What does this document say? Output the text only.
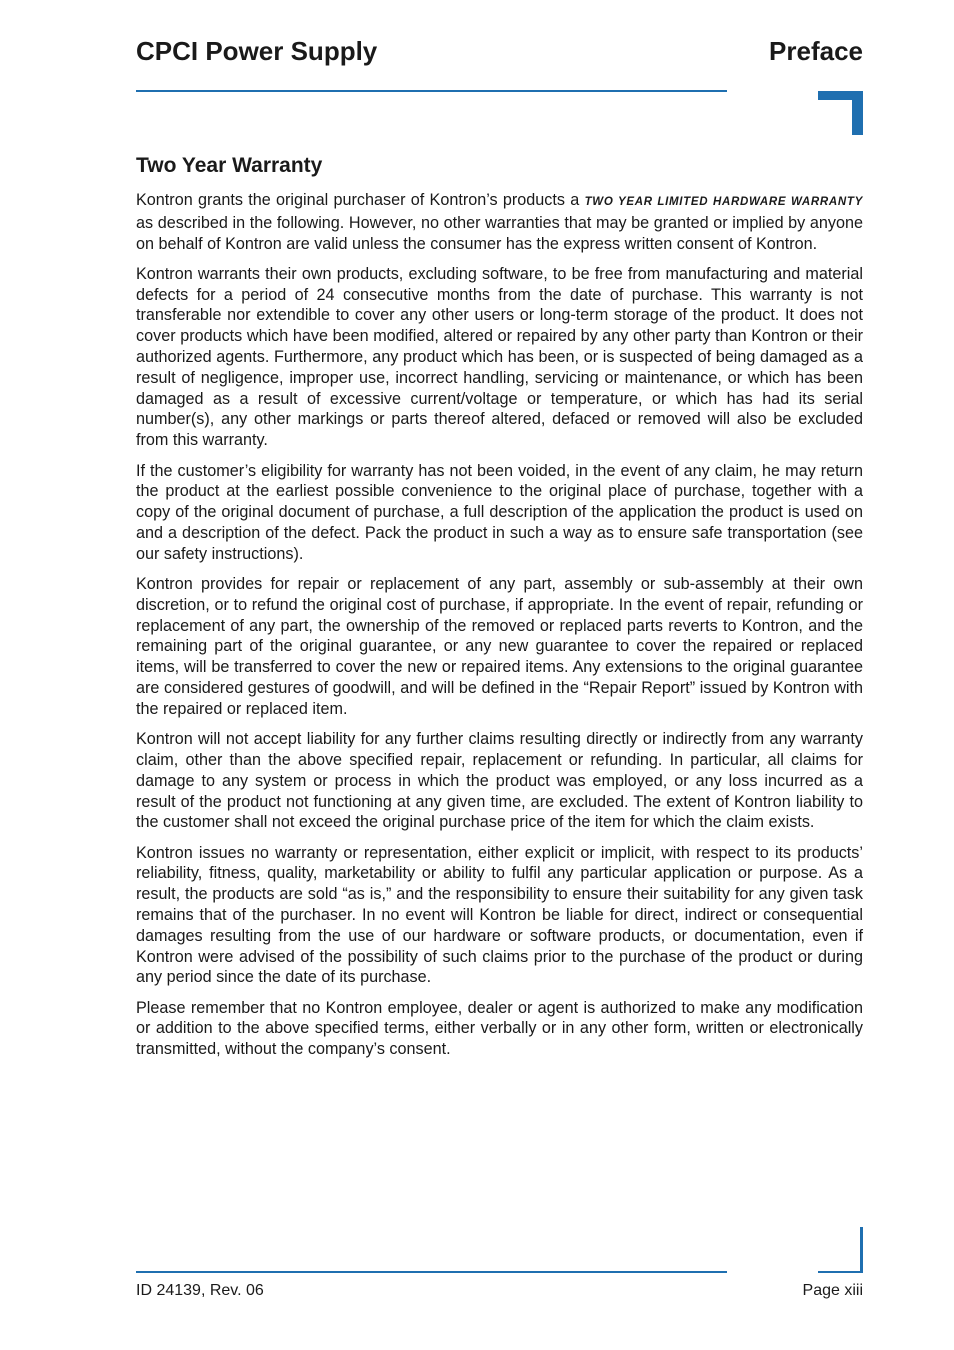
CPCI Power Supply	Preface
Two Year Warranty

Kontron grants the original purchaser of Kontron’s products a TWO YEAR LIMITED HARDWARE WARRANTY as described in the following. However, no other warranties that may be granted or implied by anyone on behalf of Kontron are valid unless the consumer has the express written consent of Kontron.

Kontron warrants their own products, excluding software, to be free from manufacturing and material defects for a period of 24 consecutive months from the date of purchase. This warranty is not transferable nor extendible to cover any other users or long-term storage of the product. It does not cover products which have been modified, altered or repaired by any other party than Kontron or their authorized agents. Furthermore, any product which has been, or is suspected of being damaged as a result of negligence, improper use, incorrect handling, servicing or maintenance, or which has been damaged as a result of excessive current/voltage or temperature, or which has had its serial number(s), any other markings or parts thereof altered, defaced or removed will also be excluded from this warranty.

If the customer’s eligibility for warranty has not been voided, in the event of any claim, he may return the product at the earliest possible convenience to the original place of purchase, together with a copy of the original document of purchase, a full description of the application the product is used on and a description of the defect. Pack the product in such a way as to ensure safe transportation (see our safety instructions).

Kontron provides for repair or replacement of any part, assembly or sub-assembly at their own discretion, or to refund the original cost of purchase, if appropriate. In the event of repair, refunding or replacement of any part, the ownership of the removed or replaced parts reverts to Kontron, and the remaining part of the original guarantee, or any new guarantee to cover the repaired or replaced items, will be transferred to cover the new or repaired items. Any extensions to the original guarantee are considered gestures of goodwill, and will be defined in the “Repair Report” issued by Kontron with the repaired or replaced item.

Kontron will not accept liability for any further claims resulting directly or indirectly from any warranty claim, other than the above specified repair, replacement or refunding. In particular, all claims for damage to any system or process in which the product was employed, or any loss incurred as a result of the product not functioning at any given time, are excluded. The extent of Kontron liability to the customer shall not exceed the original purchase price of the item for which the claim exists.

Kontron issues no warranty or representation, either explicit or implicit, with respect to its products’ reliability, fitness, quality, marketability or ability to fulfil any particular application or purpose. As a result, the products are sold “as is,” and the responsibility to ensure their suitability for any given task remains that of the purchaser. In no event will Kontron be liable for direct, indirect or consequential damages resulting from the use of our hardware or software products, or documentation, even if Kontron were advised of the possibility of such claims prior to the purchase of the product or during any period since the date of its purchase.

Please remember that no Kontron employee, dealer or agent is authorized to make any modification or addition to the above specified terms, either verbally or in any other form, written or electronically transmitted, without the company’s consent.

ID 24139, Rev. 06	Page xiii
